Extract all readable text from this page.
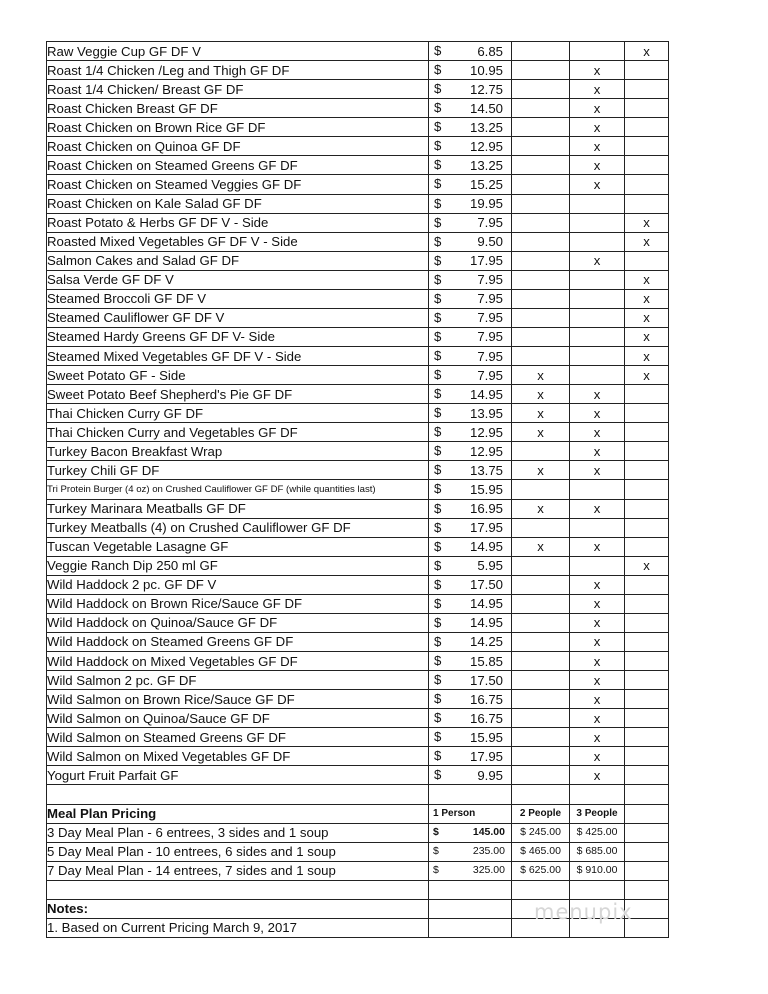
Raw Veggie Cup GF DF V	$ 6.85			x
Roast 1/4 Chicken /Leg and Thigh GF DF	$ 10.95		x	
Roast 1/4 Chicken/ Breast GF DF	$ 12.75		x	
Roast Chicken Breast GF DF	$ 14.50		x	
Roast Chicken on Brown Rice GF DF	$ 13.25		x	
Roast Chicken on Quinoa GF DF	$ 12.95		x	
Roast Chicken on Steamed Greens GF DF	$ 13.25		x	
Roast Chicken on Steamed Veggies GF DF	$ 15.25		x	
Roast Chicken on Kale Salad GF DF	$ 19.95			

Roast Potato & Herbs GF DF V - Side	$ 7.95			x
Roasted Mixed Vegetables GF DF V - Side	$ 9.50			x
Salmon Cakes and Salad GF DF	$ 17.95		x	
Salsa Verde GF DF V	$ 7.95			x
Steamed Broccoli GF DF V	$ 7.95			x
Steamed Cauliflower GF DF V	$ 7.95			x
Steamed Hardy Greens GF DF V- Side	$ 7.95			x
Steamed Mixed Vegetables GF DF V - Side	$ 7.95			x
Sweet Potato GF - Side	$ 7.95	x		x
Sweet Potato Beef Shepherd's Pie GF DF	$ 14.95	x	x	
Thai Chicken Curry GF DF	$ 13.95	x	x	
Thai Chicken Curry and Vegetables GF DF	$ 12.95	x	x	
Turkey Bacon Breakfast Wrap	$ 12.95		x	
Turkey Chili GF DF	$ 13.75	x	x	
Tri Protein Burger (4 oz) on Crushed Cauliflower GF DF (while quantities last)	$ 15.95			

Turkey Marinara Meatballs GF DF	$ 16.95	x	x	
Turkey Meatballs (4) on Crushed Cauliflower GF DF	$ 17.95			

Tuscan Vegetable Lasagne GF	$ 14.95	x	x	
Veggie Ranch Dip 250 ml GF	$ 5.95			x
Wild Haddock 2 pc. GF DF V	$ 17.50		x	
Wild Haddock on Brown Rice/Sauce GF DF	$ 14.95		x	
Wild Haddock on Quinoa/Sauce GF DF	$ 14.95		x	
Wild Haddock on Steamed Greens GF DF	$ 14.25		x	
Wild Haddock on Mixed Vegetables GF DF	$ 15.85		x	
Wild Salmon 2 pc. GF DF	$ 17.50		x	
Wild Salmon on Brown Rice/Sauce GF DF	$ 16.75		x	
Wild Salmon on Quinoa/Sauce GF DF	$ 16.75		x	
Wild Salmon on Steamed Greens GF DF	$ 15.95		x	
Wild Salmon on Mixed Vegetables GF DF	$ 17.95		x	
Yogurt Fruit Parfait GF	$ 9.95		x	

Meal Plan Pricing	1 Person	2 People	3 People	
3 Day Meal Plan - 6 entrees, 3 sides and 1 soup	$ 145.00	$ 245.00	$ 425.00	
5 Day Meal Plan - 10 entrees, 6 sides and 1 soup	$ 235.00	$ 465.00	$ 685.00	
7 Day Meal Plan - 14 entrees, 7 sides and 1 soup	$ 325.00	$ 625.00	$ 910.00	

Notes:				
1. Based on Current Pricing March 9, 2017				
menupix
